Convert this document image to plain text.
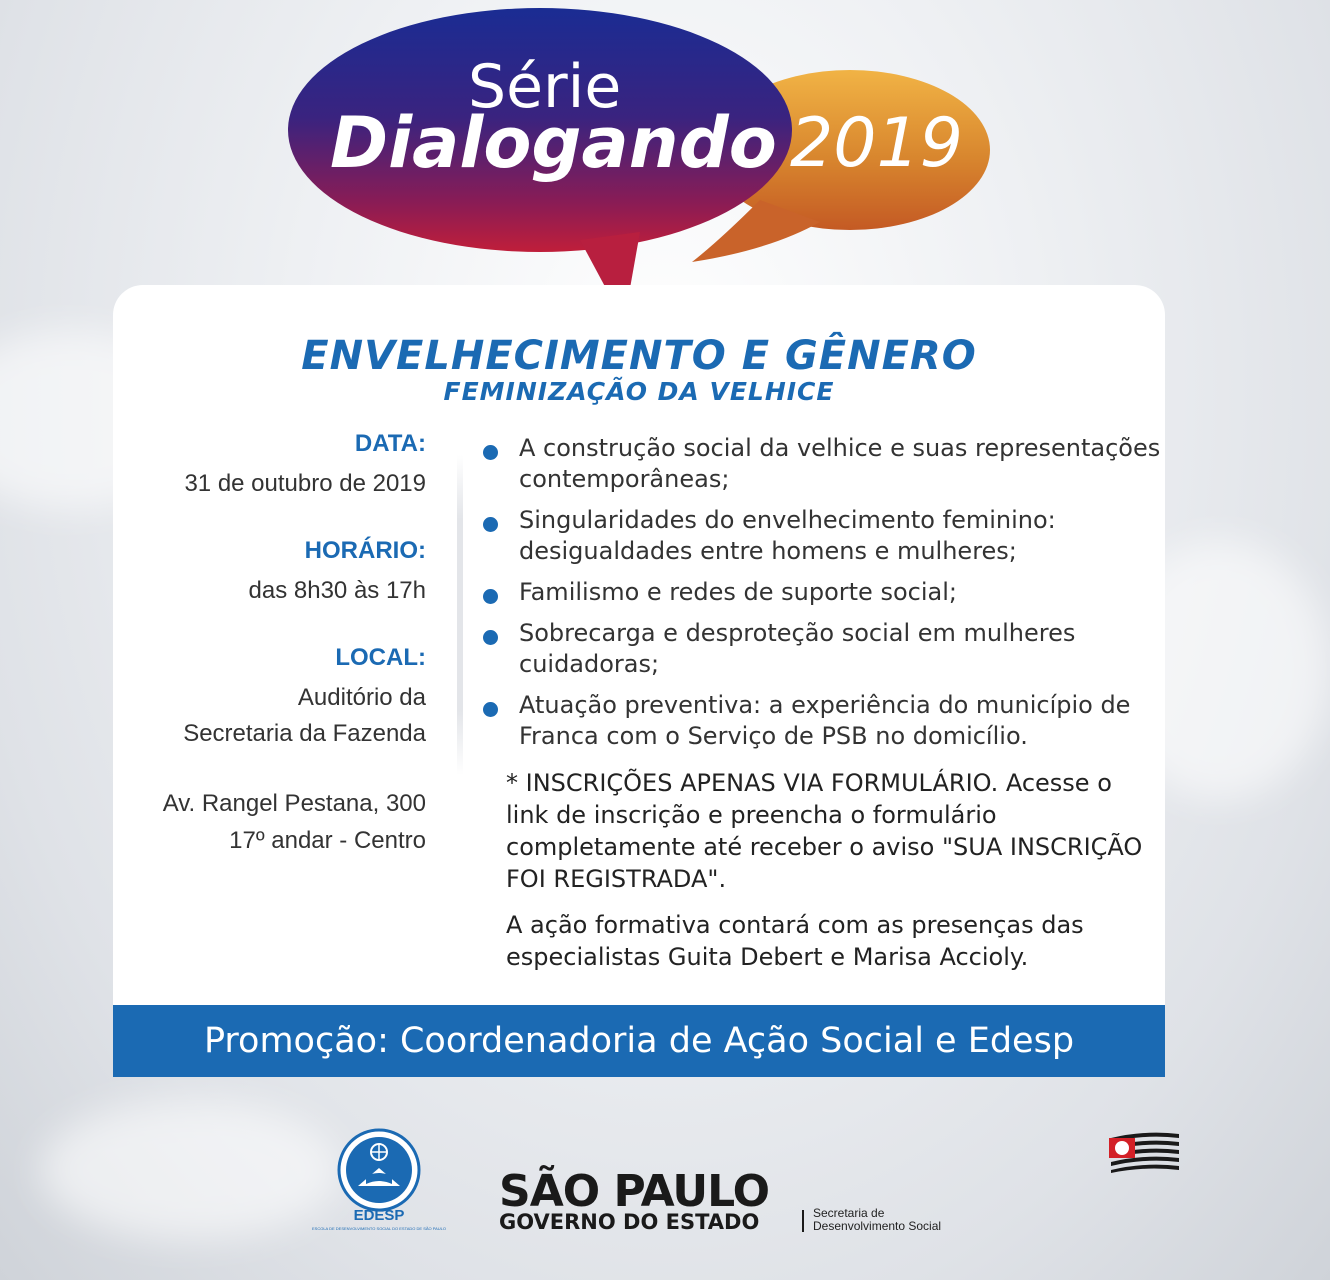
Série
Dialogando 2019
ENVELHECIMENTO E GÊNERO
FEMINIZAÇÃO DA VELHICE
DATA:
31 de outubro de 2019
HORÁRIO:
das 8h30 às 17h
LOCAL:
Auditório da
Secretaria da Fazenda
Av. Rangel Pestana, 300
17º andar - Centro
A construção social da velhice e suas representações contemporâneas;
Singularidades do envelhecimento feminino: desigualdades entre homens e mulheres;
Familismo e redes de suporte social;
Sobrecarga e desproteção social em mulheres cuidadoras;
Atuação preventiva: a experiência do município de Franca com o Serviço de PSB no domicílio.

* INSCRIÇÕES APENAS VIA FORMULÁRIO. Acesse o link de inscrição e preencha o formulário completamente até receber o aviso "SUA INSCRIÇÃO FOI REGISTRADA".

A ação formativa contará com as presenças das especialistas Guita Debert e Marisa Accioly.

Promoção: Coordenadoria de Ação Social e Edesp
EDESP
ESCOLA DE DESENVOLVIMENTO SOCIAL DO ESTADO DE SÃO PAULO
SÃO PAULO
GOVERNO DO ESTADO	Secretaria de
Desenvolvimento Social
